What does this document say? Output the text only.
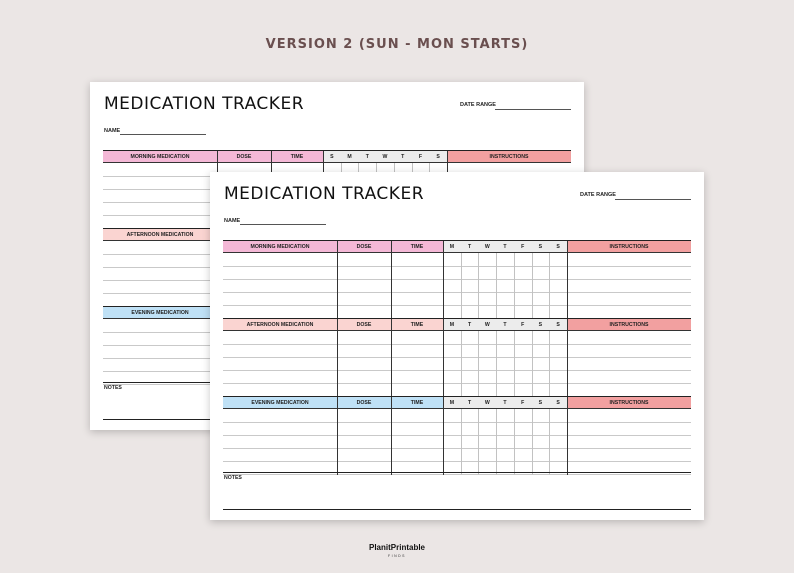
VERSION 2 (SUN - MON STARTS)
MEDICATION TRACKER	DATE RANGE
NAME
MORNING MEDICATION	DOSE	TIME	S	M	T	W	T	F	S	INSTRUCTIONS
AFTERNOON MEDICATION
EVENING MEDICATION
NOTES
MEDICATION TRACKER	DATE RANGE
NAME
MORNING MEDICATION	DOSE	TIME	M	T	W	T	F	S	S	INSTRUCTIONS
AFTERNOON MEDICATION	DOSE	TIME	M	T	W	T	F	S	S	INSTRUCTIONS
EVENING MEDICATION	DOSE	TIME	M	T	W	T	F	S	S	INSTRUCTIONS
NOTES
PlanitPrintable
FINDS
